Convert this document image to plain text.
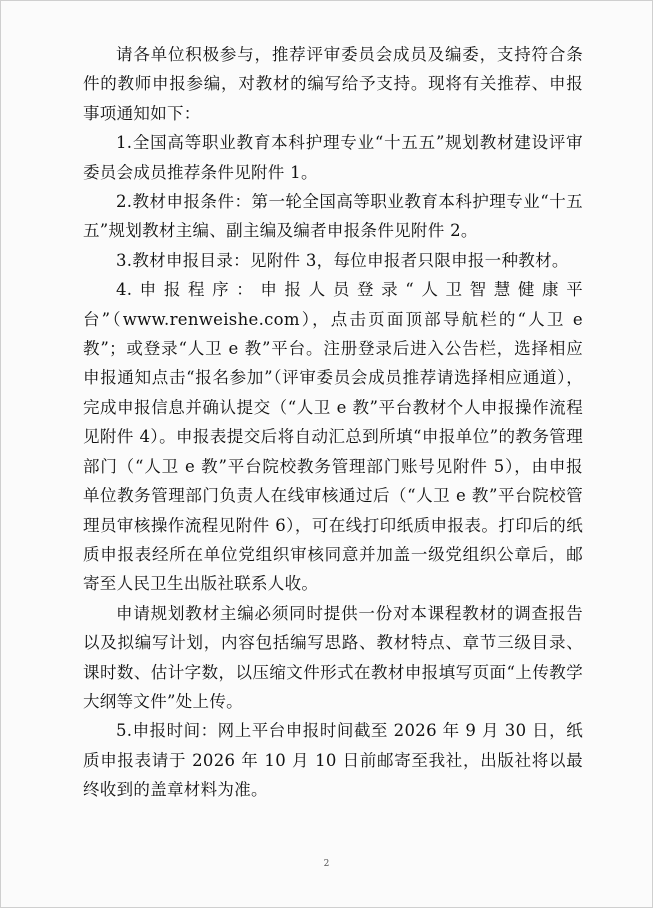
请各单位积极参与，推荐评审委员会成员及编委，支持符合条件的教师申报参编，对教材的编写给予支持。现将有关推荐、申报事项通知如下：

1.全国高等职业教育本科护理专业“十五五”规划教材建设评审委员会成员推荐条件见附件 1。

2.教材申报条件：第一轮全国高等职业教育本科护理专业“十五五”规划教材主编、副主编及编者申报条件见附件 2。

3.教材申报目录：见附件 3，每位申报者只限申报一种教材。

4.申报程序：申报人员登录“人卫智慧健康平台”（www.renweishe.com），点击页面顶部导航栏的“人卫 e 教”；或登录“人卫 e 教”平台。注册登录后进入公告栏，选择相应申报通知点击“报名参加”（评审委员会成员推荐请选择相应通道），完成申报信息并确认提交（“人卫 e 教”平台教材个人申报操作流程见附件 4）。申报表提交后将自动汇总到所填“申报单位”的教务管理部门（“人卫 e 教”平台院校教务管理部门账号见附件 5），由申报单位教务管理部门负责人在线审核通过后（“人卫 e 教”平台院校管理员审核操作流程见附件 6），可在线打印纸质申报表。打印后的纸质申报表经所在单位党组织审核同意并加盖一级党组织公章后，邮寄至人民卫生出版社联系人收。

申请规划教材主编必须同时提供一份对本课程教材的调查报告以及拟编写计划，内容包括编写思路、教材特点、章节三级目录、课时数、估计字数，以压缩文件形式在教材申报填写页面“上传教学大纲等文件”处上传。

5.申报时间：网上平台申报时间截至 2026 年 9 月 30 日，纸质申报表请于 2026 年 10 月 10 日前邮寄至我社，出版社将以最终收到的盖章材料为准。

2
